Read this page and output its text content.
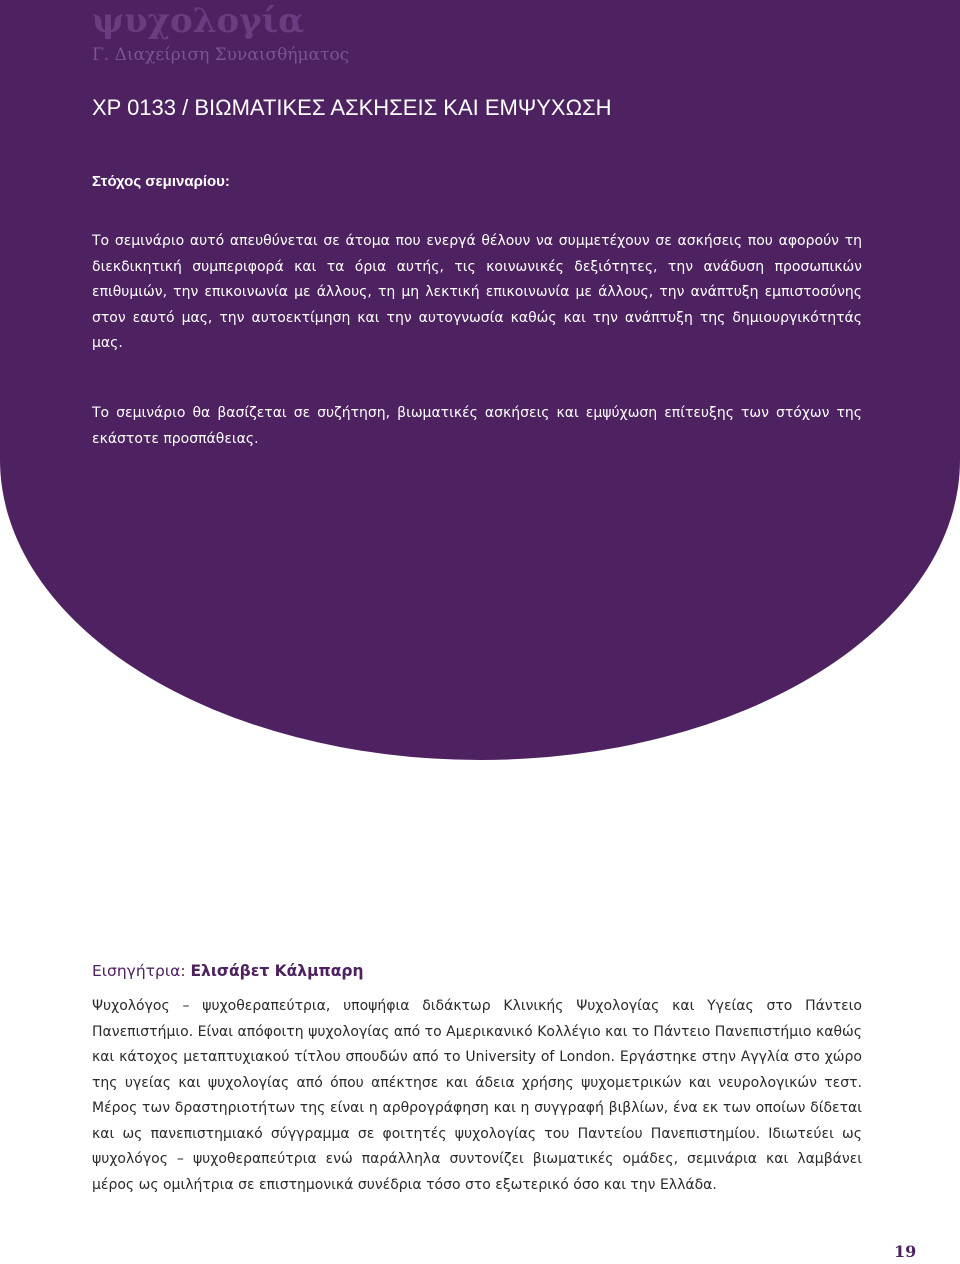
ψυχολογία
Γ. Διαχείριση Συναισθήματος
ΧΡ 0133 / ΒΙΩΜΑΤΙΚΕΣ ΑΣΚΗΣΕΙΣ ΚΑΙ ΕΜΨΥΧΩΣΗ
Στόχος σεμιναρίου:

Το σεμινάριο αυτό απευθύνεται σε άτομα που ενεργά θέλουν να συμμετέχουν σε ασκήσεις που αφορούν τη διεκδικητική συμπεριφορά και τα όρια αυτής, τις κοινωνικές δεξιότητες, την ανάδυση προσωπικών επιθυμιών, την επικοινωνία με άλλους, τη μη λεκτική επικοινωνία με άλλους, την ανάπτυξη εμπιστοσύνης στον εαυτό μας, την αυτοεκτίμηση και την αυτογνωσία καθώς και την ανάπτυξη της δημιουργικότητάς μας.

Το σεμινάριο θα βασίζεται σε συζήτηση, βιωματικές ασκήσεις και εμψύχωση επίτευξης των στόχων της εκάστοτε προσπάθειας.

Εισηγήτρια: Ελισάβετ Κάλμπαρη

Ψυχολόγος – ψυχοθεραπεύτρια, υποψήφια διδάκτωρ Κλινικής Ψυχολογίας και Υγείας στο Πάντειο Πανεπιστήμιο. Είναι απόφοιτη ψυχολογίας από το Αμερικανικό Κολλέγιο και το Πάντειο Πανεπιστήμιο καθώς και κάτοχος μεταπτυχιακού τίτλου σπουδών από το University of London. Εργάστηκε στην Αγγλία στο χώρο της υγείας και ψυχολογίας από όπου απέκτησε και άδεια χρήσης ψυχομετρικών και νευρολογικών τεστ. Μέρος των δραστηριοτήτων της είναι η αρθρογράφηση και η συγγραφή βιβλίων, ένα εκ των οποίων δίδεται και ως πανεπιστημιακό σύγγραμμα σε φοιτητές ψυχολογίας του Παντείου Πανεπιστημίου. Ιδιωτεύει ως ψυχολόγος – ψυχοθεραπεύτρια ενώ παράλληλα συντονίζει βιωματικές ομάδες, σεμινάρια και λαμβάνει μέρος ως ομιλήτρια σε επιστημονικά συνέδρια τόσο στο εξωτερικό όσο και την Ελλάδα.

19
